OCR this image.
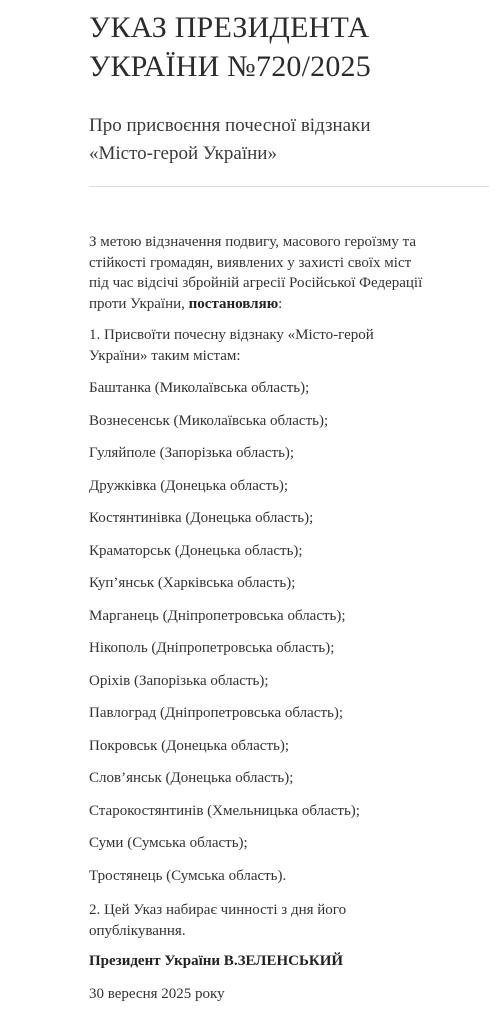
УКАЗ ПРЕЗИДЕНТА
УКРАЇНИ №720/2025
Про присвоєння почесної відзнаки
«Місто-герой України»
З метою відзначення подвигу, масового героїзму та
стійкості громадян, виявлених у захисті своїх міст
під час відсічі збройній агресії Російської Федерації
проти України, постановляю:
1. Присвоїти почесну відзнаку «Місто-герой
України» таким містам:
Баштанка (Миколаївська область);
Вознесенськ (Миколаївська область);
Гуляйполе (Запорізька область);
Дружківка (Донецька область);
Костянтинівка (Донецька область);
Краматорськ (Донецька область);
Куп’янськ (Харківська область);
Марганець (Дніпропетровська область);
Нікополь (Дніпропетровська область);
Оріхів (Запорізька область);
Павлоград (Дніпропетровська область);
Покровськ (Донецька область);
Слов’янськ (Донецька область);
Старокостянтинів (Хмельницька область);
Суми (Сумська область);
Тростянець (Сумська область).
2. Цей Указ набирає чинності з дня його
опублікування.
Президент України В.ЗЕЛЕНСЬКИЙ
30 вересня 2025 року
